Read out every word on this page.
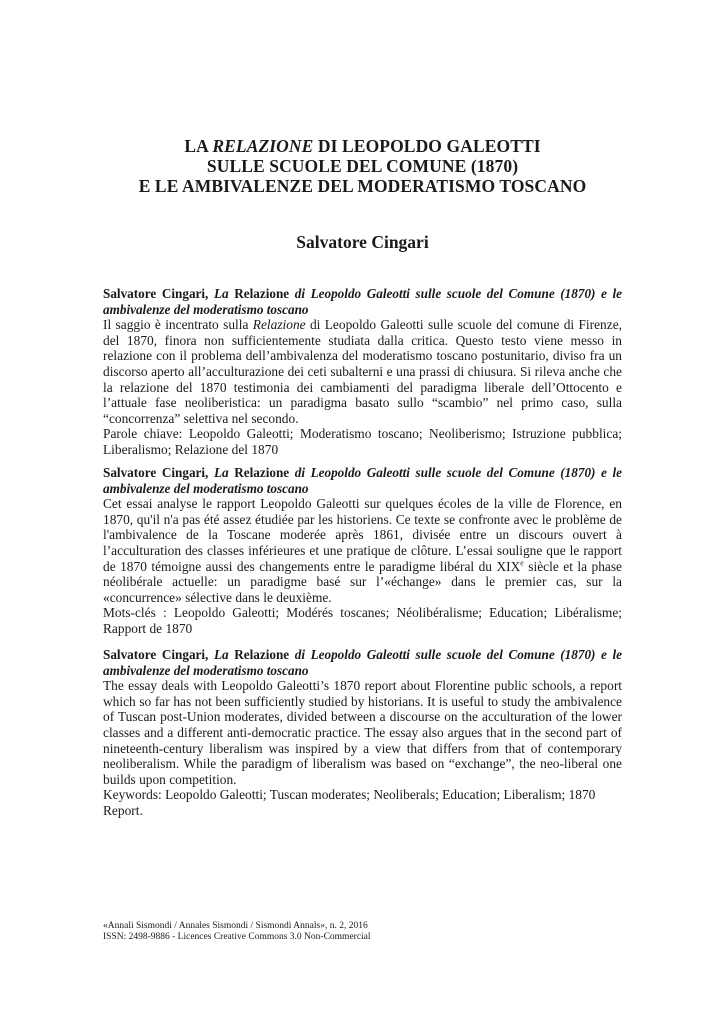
LA RELAZIONE DI LEOPOLDO GALEOTTI
SULLE SCUOLE DEL COMUNE (1870)
E LE AMBIVALENZE DEL MODERATISMO TOSCANO
Salvatore Cingari

Salvatore Cingari, La Relazione di Leopoldo Galeotti sulle scuole del Comune (1870) e le ambivalenze del moderatismo toscano

Il saggio è incentrato sulla Relazione di Leopoldo Galeotti sulle scuole del comune di Firenze, del 1870, finora non sufficientemente studiata dalla critica. Questo testo viene messo in relazione con il problema dell’ambivalenza del moderatismo toscano postunitario, diviso fra un discorso aperto all’acculturazione dei ceti subalterni e una prassi di chiusura. Si rileva anche che la relazione del 1870 testimonia dei cambiamenti del paradigma liberale dell’Ottocento e l’attuale fase neoliberistica: un paradigma basato sullo “scambio” nel primo caso, sulla “concorrenza” selettiva nel secondo.

Parole chiave: Leopoldo Galeotti; Moderatismo toscano; Neoliberismo; Istruzione pubblica; Liberalismo; Relazione del 1870

Salvatore Cingari, La Relazione di Leopoldo Galeotti sulle scuole del Comune (1870) e le ambivalenze del moderatismo toscano

Cet essai analyse le rapport Leopoldo Galeotti sur quelques écoles de la ville de Florence, en 1870, qu'il n'a pas été assez étudiée par les historiens. Ce texte se confronte avec le problème de l'ambivalence de la Toscane moderée après 1861, divisée entre un discours ouvert à l’acculturation des classes inférieures et une pratique de clôture. L’essai souligne que le rapport de 1870 témoigne aussi des changements entre le paradigme libéral du XIXe siècle et la phase néolibérale actuelle: un paradigme basé sur l’«échange» dans le premier cas, sur la «concurrence» sélective dans le deuxième.

Mots-clés : Leopoldo Galeotti; Modérés toscanes; Néolibéralisme; Education; Libéralisme; Rapport de 1870

Salvatore Cingari, La Relazione di Leopoldo Galeotti sulle scuole del Comune (1870) e le ambivalenze del moderatismo toscano

The essay deals with Leopoldo Galeotti’s 1870 report about Florentine public schools, a report which so far has not been sufficiently studied by historians. It is useful to study the ambivalence of Tuscan post-Union moderates, divided between a discourse on the acculturation of the lower classes and a different anti-democratic practice. The essay also argues that in the second part of nineteenth-century liberalism was inspired by a view that differs from that of contemporary neoliberalism. While the paradigm of liberalism was based on “exchange”, the neo-liberal one builds upon competition.

Keywords: Leopoldo Galeotti; Tuscan moderates; Neoliberals; Education; Liberalism; 1870 Report.

«Annali Sismondi / Annales Sismondi / Sismondi Annals», n. 2, 2016
ISSN: 2498-9886 - Licences Creative Commons 3.0 Non-Commercial
